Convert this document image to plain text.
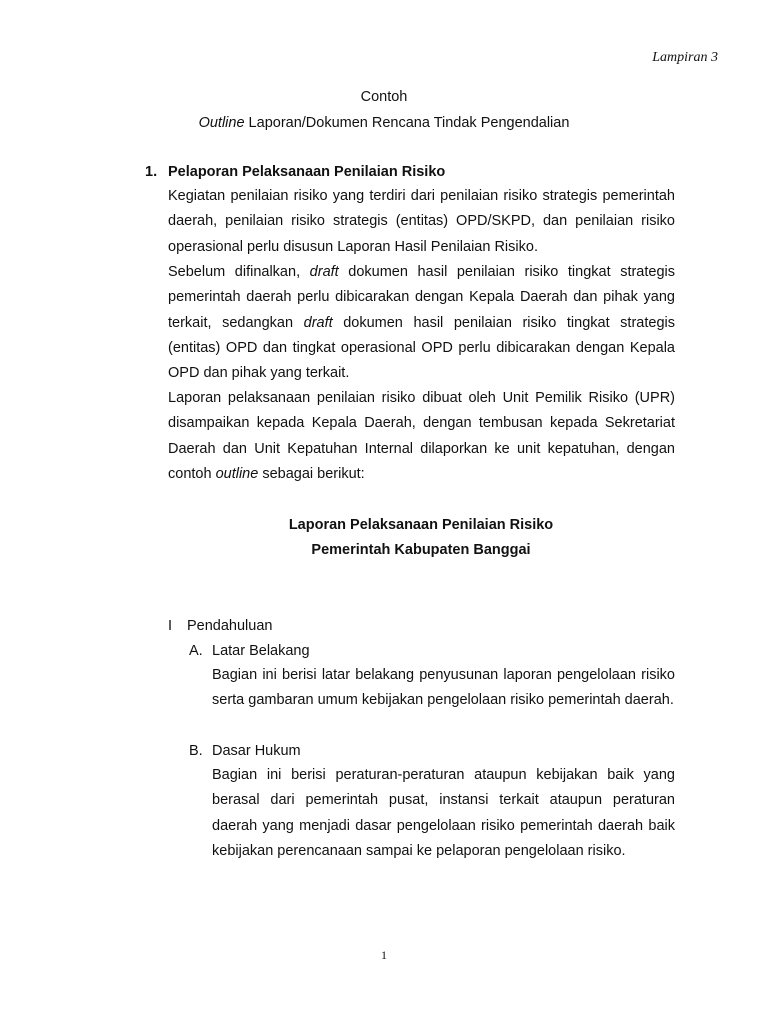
Lampiran 3
Contoh
Outline Laporan/Dokumen Rencana Tindak Pengendalian
1. Pelaporan Pelaksanaan Penilaian Risiko
Kegiatan penilaian risiko yang terdiri dari penilaian risiko strategis pemerintah daerah, penilaian risiko strategis (entitas) OPD/SKPD, dan penilaian risiko operasional perlu disusun Laporan Hasil Penilaian Risiko.
Sebelum difinalkan, draft dokumen hasil penilaian risiko tingkat strategis pemerintah daerah perlu dibicarakan dengan Kepala Daerah dan pihak yang terkait, sedangkan draft dokumen hasil penilaian risiko tingkat strategis (entitas) OPD dan tingkat operasional OPD perlu dibicarakan dengan Kepala OPD dan pihak yang terkait.
Laporan pelaksanaan penilaian risiko dibuat oleh Unit Pemilik Risiko (UPR) disampaikan kepada Kepala Daerah, dengan tembusan kepada Sekretariat Daerah dan Unit Kepatuhan Internal dilaporkan ke unit kepatuhan, dengan contoh outline sebagai berikut:
Laporan Pelaksanaan Penilaian Risiko
Pemerintah Kabupaten Banggai
I Pendahuluan
A. Latar Belakang
Bagian ini berisi latar belakang penyusunan laporan pengelolaan risiko serta gambaran umum kebijakan pengelolaan risiko pemerintah daerah.
B. Dasar Hukum
Bagian ini berisi peraturan-peraturan ataupun kebijakan baik yang berasal dari pemerintah pusat, instansi terkait ataupun peraturan daerah yang menjadi dasar pengelolaan risiko pemerintah daerah baik kebijakan perencanaan sampai ke pelaporan pengelolaan risiko.
1
